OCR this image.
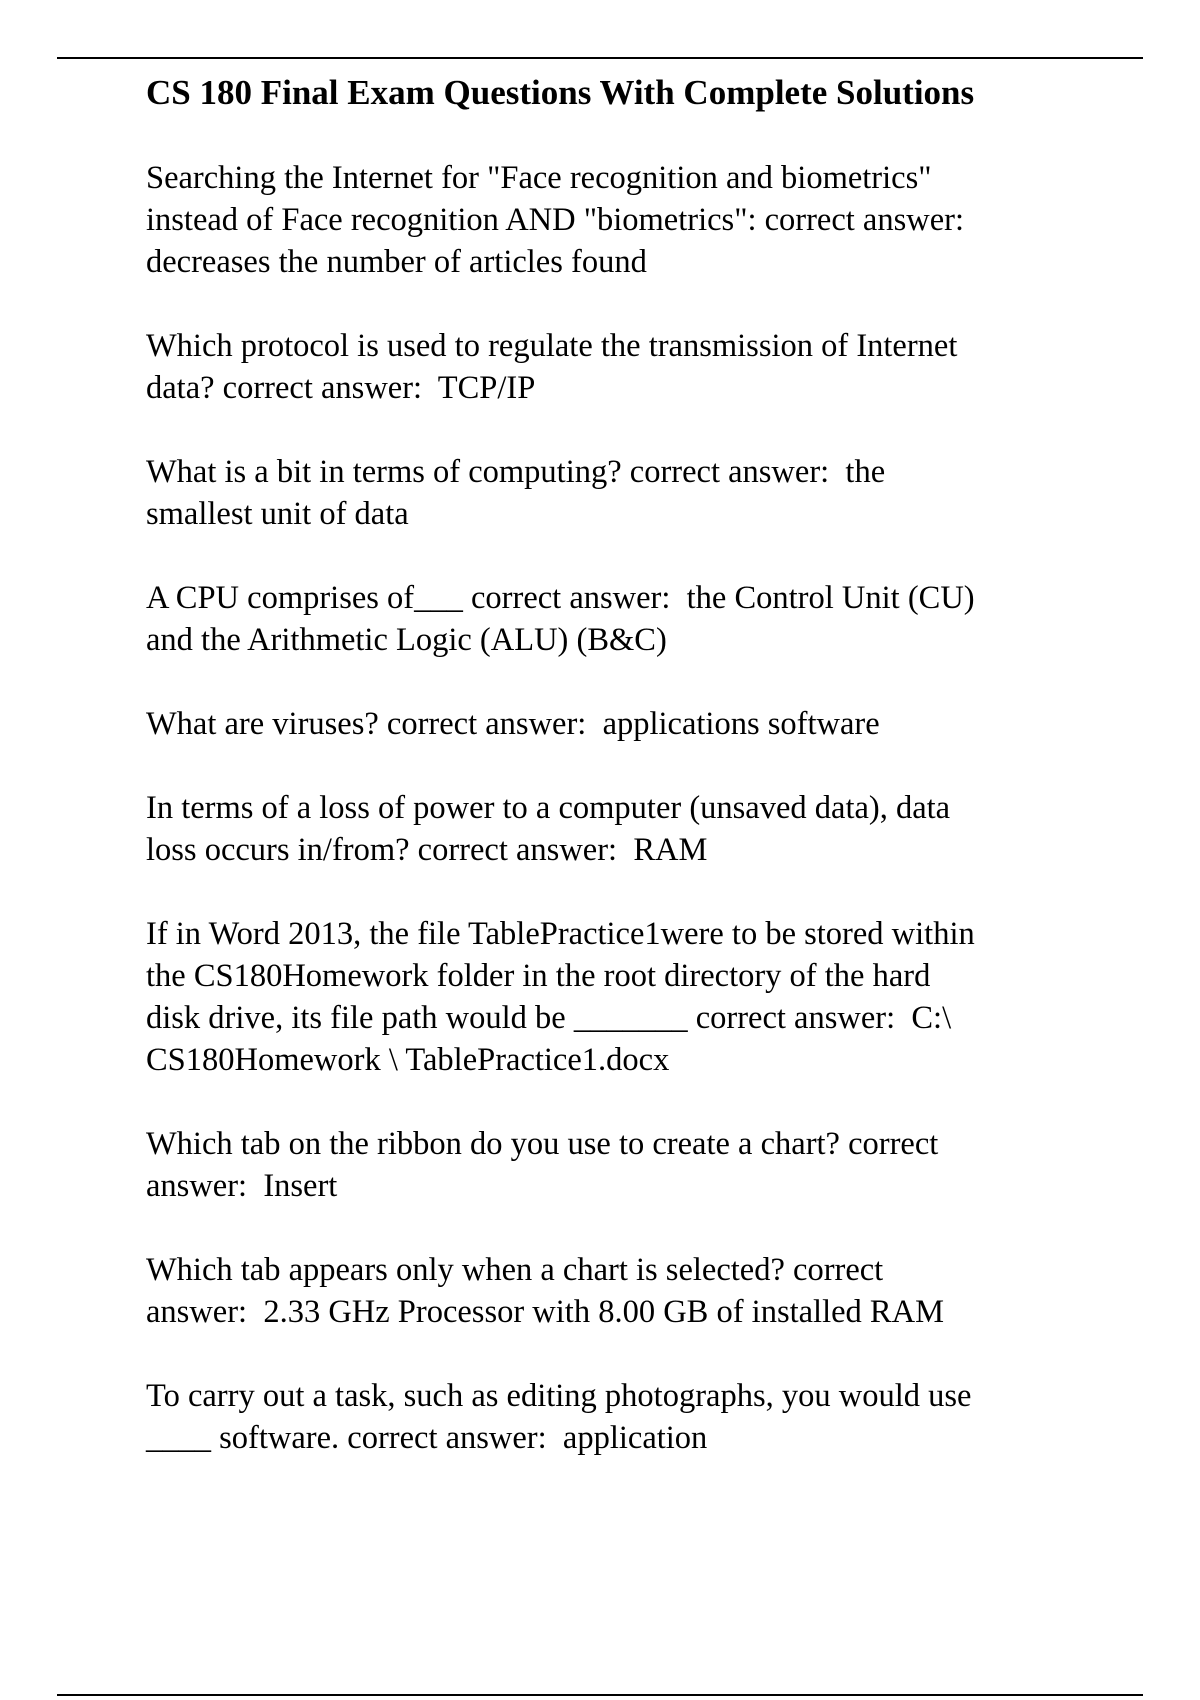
CS 180 Final Exam Questions With Complete Solutions
Searching the Internet for "Face recognition and biometrics"
instead of Face recognition AND "biometrics": correct answer:
decreases the number of articles found
Which protocol is used to regulate the transmission of Internet
data? correct answer:  TCP/IP
What is a bit in terms of computing? correct answer:  the
smallest unit of data
A CPU comprises of___ correct answer:  the Control Unit (CU)
and the Arithmetic Logic (ALU) (B&C)
What are viruses? correct answer:  applications software
In terms of a loss of power to a computer (unsaved data), data
loss occurs in/from? correct answer:  RAM
If in Word 2013, the file TablePractice1were to be stored within
the CS180Homework folder in the root directory of the hard
disk drive, its file path would be _______ correct answer:  C:\
CS180Homework \ TablePractice1.docx
Which tab on the ribbon do you use to create a chart? correct
answer:  Insert
Which tab appears only when a chart is selected? correct
answer:  2.33 GHz Processor with 8.00 GB of installed RAM
To carry out a task, such as editing photographs, you would use
____ software. correct answer:  application
